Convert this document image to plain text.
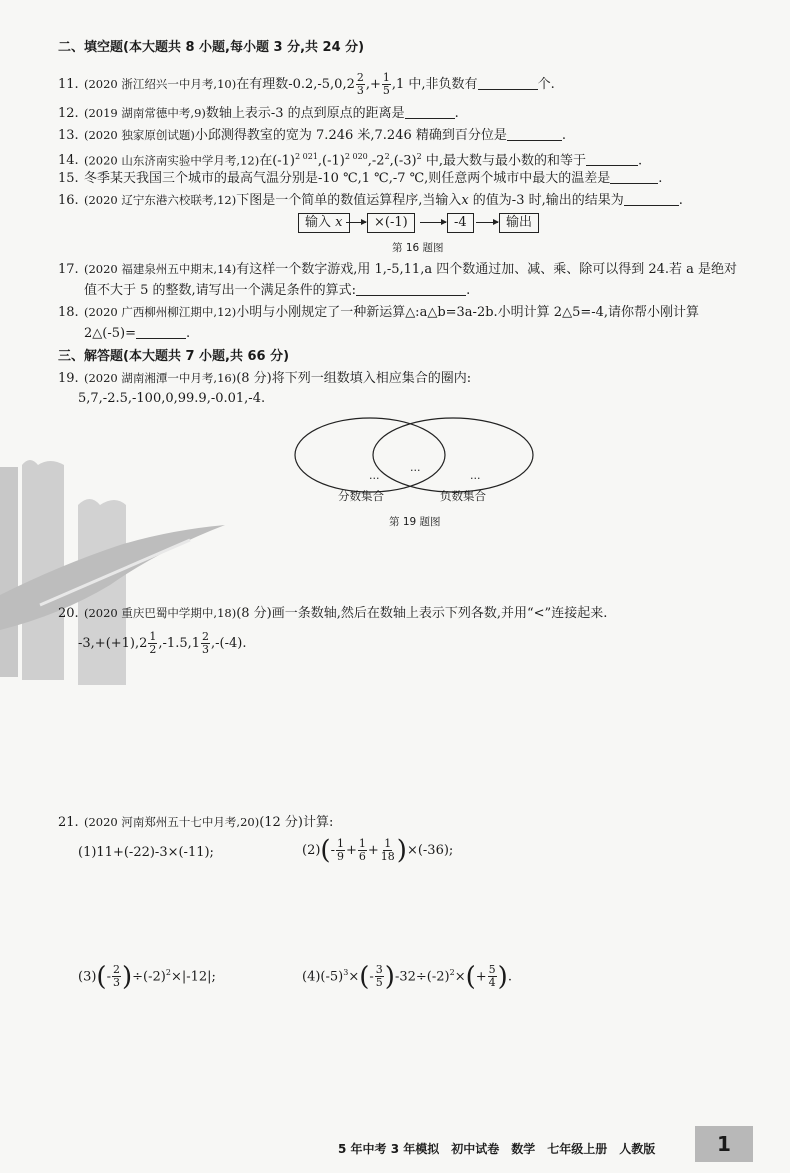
二、填空题(本大题共 8 小题,每小题 3 分,共 24 分)
11. (2020 浙江绍兴一中月考,10)在有理数$-0.2,-5,0,2 \frac{2}{3}$ ,+ $\frac{1}{5} ,1$ 中,非负数有	个.
12. (2019 湖南常德中考,9)数轴上表示-3 的点到原点的距离是	.
13. (2020 独家原创试题)小邱测得教室的宽为 7.246 米,7.246 精确到百分位是	.
14. (2020 山东济南实验中学月考,12)在$(-1)^{2 021},(-1)^{2 020},-2^2,(-3)^2$ 中,最大数与最小数的和等于	.
15. 冬季某天我国三个城市的最高气温分别是-10 ℃,1 ℃,-7 ℃,则任意两个城市中最大的温差是	.
16. (2020 辽宁东港六校联考,12)下图是一个简单的数值运算程序,当输入x 的值为-3 时,输出的结果为	.
输入 x	×(-1)	-4	输出
第 16 题图
17. (2020 福建泉州五中期末,14)有这样一个数字游戏,用 1,-5,11,a 四个数通过加、减、乘、除可以得到 24.若 a 是绝对
值不大于 5 的整数,请写出一个满足条件的算式:	.
18. (2020 广西柳州柳江期中,12)小明与小刚规定了一种新运算△:a△b=3a-2b.小明计算 2△5=-4,请你帮小刚计算
2△(-5)=	.
三、解答题(本大题共 7 小题,共 66 分)
19. (2020 湖南湘潭一中月考,16)(8 分)将下列一组数填入相应集合的圈内:
5,7,-2.5,-100,0,99.9,-0.01,-4.
…
…
…
分数集合	负数集合
第 19 题图
20. (2020 重庆巴蜀中学期中,18)(8 分)画一条数轴,然后在数轴上表示下列各数,并用“<”连接起来.
$-3,+(+1),2 \frac{1}{2} ,-1.5,1 \frac{2}{3} ,-(-4)$.
21. (2020 河南郑州五十七中月考,20)(12 分)计算:
(1)11+(-22)-3×(-11);	$(2)(- \frac{1}{9} + \frac{1}{6} + \frac{1}{18} )\times(-36)$;
$(3)(- \frac{2}{3} )\div(-2)^2\times|-12|$;	$(4)(-5)^3\times(- \frac{3}{5} )-32\div(-2)^2\times(+ \frac{5}{4}$ ).
5 年中考 3 年模拟　初中试卷　数学　七年级上册　人教版	1
